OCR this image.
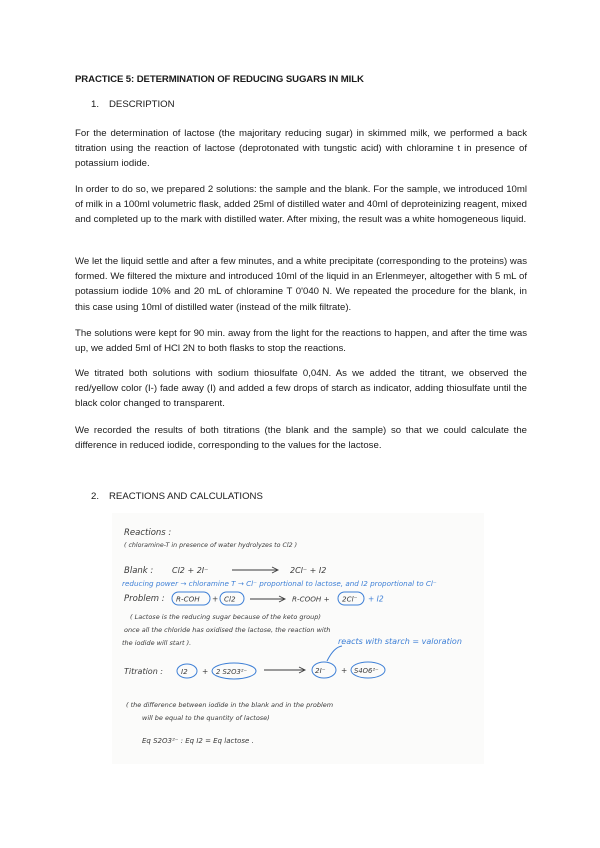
PRACTICE 5: DETERMINATION OF REDUCING SUGARS IN MILK
1. DESCRIPTION
For the determination of lactose (the majoritary reducing sugar) in skimmed milk, we performed a back titration using the reaction of lactose (deprotonated with tungstic acid) with chloramine t in presence of potassium iodide.
In order to do so, we prepared 2 solutions: the sample and the blank. For the sample, we introduced 10ml of milk in a 100ml volumetric flask, added 25ml of distilled water and 40ml of deproteinizing reagent, mixed and completed up to the mark with distilled water. After mixing, the result was a white homogeneous liquid.
We let the liquid settle and after a few minutes, and a white precipitate (corresponding to the proteins) was formed. We filtered the mixture and introduced 10ml of the liquid in an Erlenmeyer, altogether with 5 mL of potassium iodide 10% and 20 mL of chloramine T 0'040 N. We repeated the procedure for the blank, in this case using 10ml of distilled water (instead of the milk filtrate).
The solutions were kept for 90 min. away from the light for the reactions to happen, and after the time was up, we added 5ml of HCl 2N to both flasks to stop the reactions.
We titrated both solutions with sodium thiosulfate 0,04N. As we added the titrant, we observed the red/yellow color (I-) fade away (I) and added a few drops of starch as indicator, adding thiosulfate until the black color changed to transparent.
We recorded the results of both titrations (the blank and the sample) so that we could calculate the difference in reduced iodide, corresponding to the values for the lactose.
2. REACTIONS AND CALCULATIONS
Reactions :
( chloramine-T in presence of water hydrolyzes to Cl2 )
Blank : Cl2 + 2I⁻	2Cl⁻ + I2
reducing power → chloramine T → Cl⁻ proportional to lactose, and I2 proportional to Cl⁻
Problem : R-COH + Cl2	R-COOH + 2Cl⁻ + I2
( Lactose is the reducing sugar because of the keto group)
once all the chloride has oxidised the lactose, the reaction with
the iodide will start ).	reacts with starch = valoration
Titration :	I2 + 2 S2O3²⁻	2I⁻ + S4O6²⁻
( the difference between iodide in the blank and in the problem
will be equal to the quantity of lactose)
Eq S2O3²⁻ : Eq I2 = Eq lactose .
